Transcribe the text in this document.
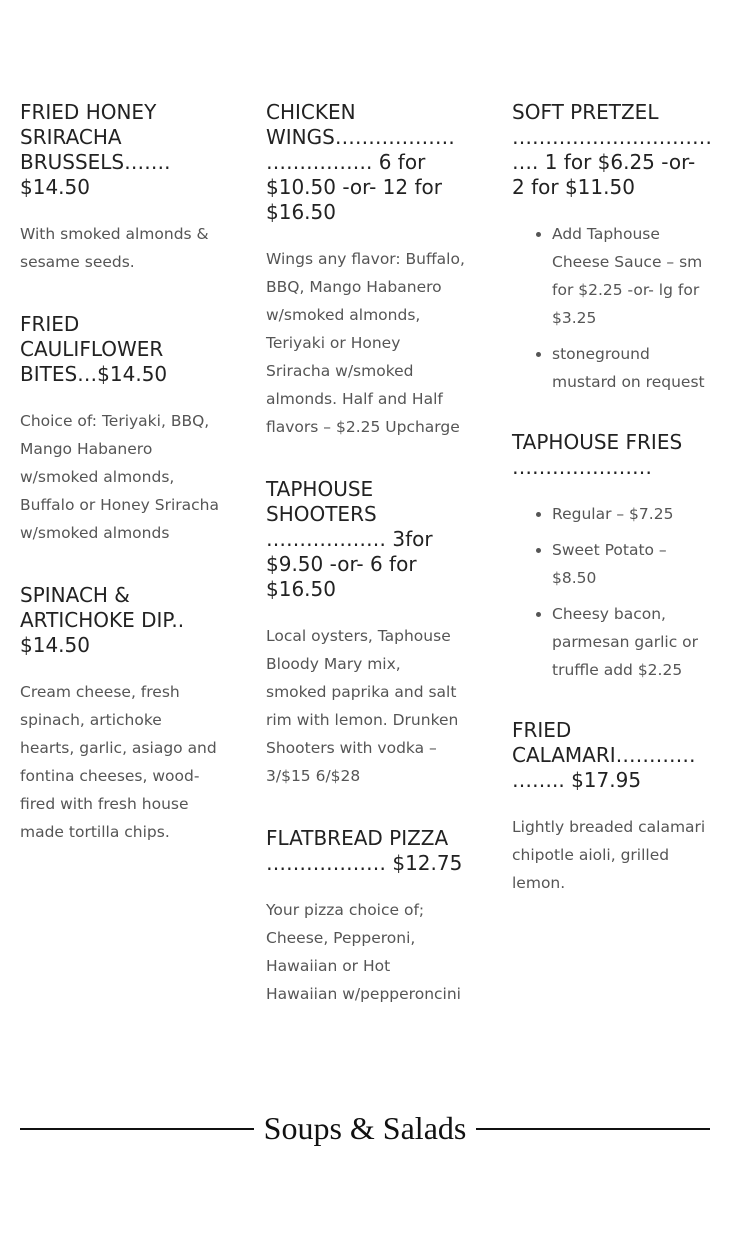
FRIED HONEY SRIRACHA BRUSSELS……. $14.50

With smoked almonds & sesame seeds.

FRIED CAULIFLOWER BITES…$14.50

Choice of: Teriyaki, BBQ, Mango Habanero w/smoked almonds, Buffalo or Honey Sriracha w/smoked almonds

SPINACH & ARTICHOKE DIP.. $14.50

Cream cheese, fresh spinach, artichoke hearts, garlic, asiago and fontina cheeses, wood-fired with fresh house made tortilla chips.

CHICKEN WINGS……………………………. 6 for $10.50 -or- 12 for $16.50

Wings any flavor: Buffalo, BBQ, Mango Habanero w/smoked almonds, Teriyaki or Honey Sriracha w/smoked almonds. Half and Half flavors – $2.25 Upcharge

TAPHOUSE SHOOTERS ……………… 3for $9.50 -or- 6 for $16.50

Local oysters, Taphouse Bloody Mary mix, smoked paprika and salt rim with lemon. Drunken Shooters with vodka – 3/$15 6/$28

FLATBREAD PIZZA ……………… $12.75

Your pizza choice of; Cheese, Pepperoni, Hawaiian or Hot Hawaiian w/pepperoncini

SOFT PRETZEL ……………………………. 1 for $6.25 -or- 2 for $11.50
• Add Taphouse Cheese Sauce – sm for $2.25 -or- lg for $3.25
• stoneground mustard on request
TAPHOUSE FRIES …………………
• Regular – $7.25
• Sweet Potato – $8.50
• Cheesy bacon, parmesan garlic or truffle add $2.25
FRIED CALAMARI……………….. $17.95

Lightly breaded calamari chipotle aioli, grilled lemon.

Soups & Salads
